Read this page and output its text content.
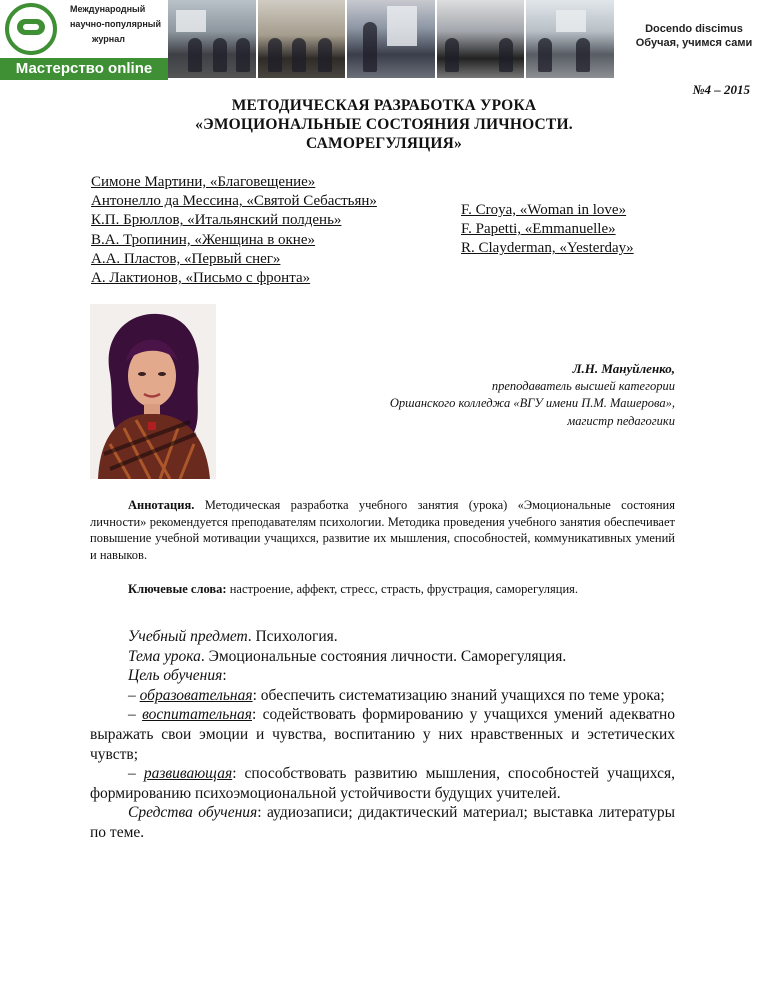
Международный
научно-популярный
журнал
Мастерство online
Docendo discimus
Обучая, учимся сами
№4 – 2015
МЕТОДИЧЕСКАЯ РАЗРАБОТКА УРОКА
«ЭМОЦИОНАЛЬНЫЕ СОСТОЯНИЯ ЛИЧНОСТИ.
САМОРЕГУЛЯЦИЯ»
Симоне Мартини, «Благовещение»
Антонелло да Мессина, «Святой Себастьян»
К.П. Брюллов, «Итальянский полдень»
В.А. Тропинин, «Женщина в окне»
А.А. Пластов, «Первый снег»
А. Лактионов, «Письмо с фронта»
F. Croya, «Woman in love»
F. Papetti, «Emmanuelle»
R. Clayderman, «Yesterday»
Л.Н. Мануйленко,
преподаватель высшей категории
Оршанского колледжа «ВГУ имени П.М. Машерова»,
магистр педагогики
Аннотация. Методическая разработка учебного занятия (урока) «Эмоциональные состояния личности» рекомендуется преподавателям психологии. Методика проведения учебного занятия обеспечивает повышение учебной мотивации учащихся, развитие их мышления, способностей, коммуникативных умений и навыков.
Ключевые слова: настроение, аффект, стресс, страсть, фрустрация, саморегуляция.

Учебный предмет. Психология.

Тема урока. Эмоциональные состояния личности. Саморегуляция.

Цель обучения:

– образовательная: обеспечить систематизацию знаний учащихся по теме урока;

– воспитательная: содействовать формированию у учащихся умений адекватно выражать свои эмоции и чувства, воспитанию у них нравственных и эстетических чувств;

– развивающая: способствовать развитию мышления, способностей учащихся, формированию психоэмоциональной устойчивости будущих учителей.

Средства обучения: аудиозаписи; дидактический материал; выставка литературы по теме.
